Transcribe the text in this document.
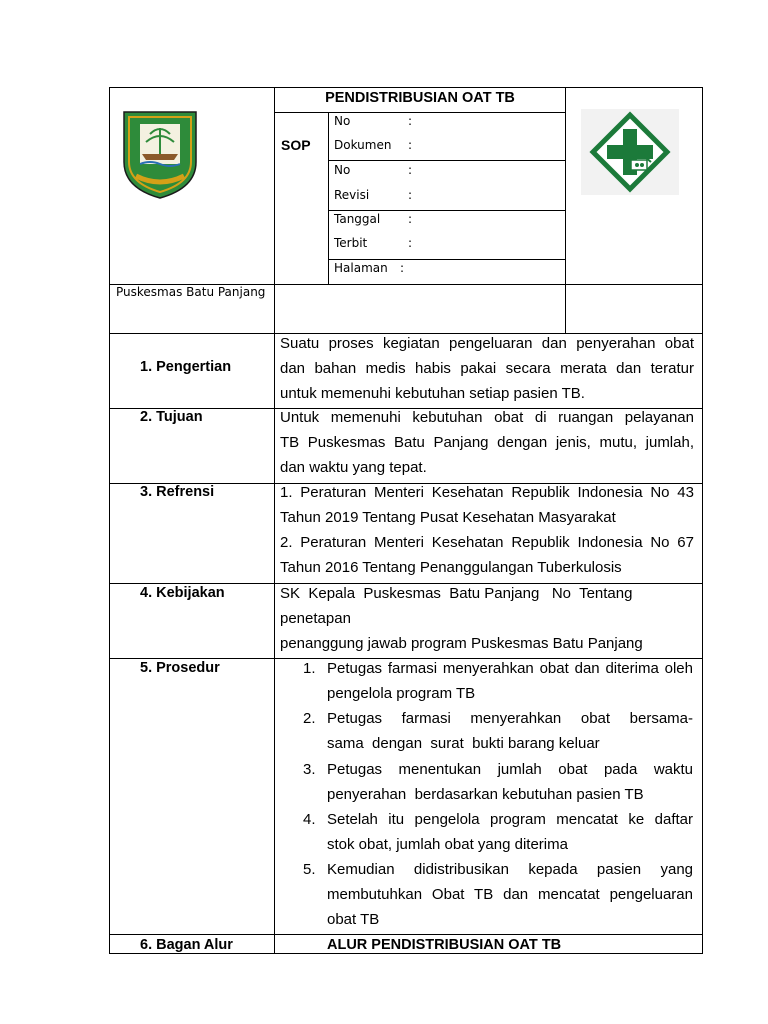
PENDISTRIBUSIAN OAT TB
SOP
No	:
Dokumen :
No	:
Revisi	:
Tanggal :
Terbit	:
Halaman :
Puskesmas Batu Panjang
1. Pengertian
Suatu proses kegiatan pengeluaran dan penyerahan obat
dan bahan medis habis pakai secara merata dan teratur
untuk memenuhi kebutuhan setiap pasien TB.
2. Tujuan	Untuk memenuhi kebutuhan obat di ruangan pelayanan
TB Puskesmas Batu Panjang dengan jenis, mutu, jumlah,
dan waktu yang tepat.
3. Refrensi	1. Peraturan Menteri Kesehatan Republik Indonesia No 43
Tahun 2019 Tentang Pusat Kesehatan Masyarakat
2. Peraturan Menteri Kesehatan Republik Indonesia No 67
Tahun 2016 Tentang Penanggulangan Tuberkulosis
4. Kebijakan	SK  Kepala  Puskesmas  Batu Panjang   No  Tentang
penetapan
penanggung jawab program Puskesmas Batu Panjang
5. Prosedur	1. Petugas farmasi menyerahkan obat dan diterima oleh
pengelola program TB
2. Petugas farmasi menyerahkan obat bersama-
sama  dengan  surat  bukti barang keluar
3. Petugas menentukan jumlah obat pada waktu
penyerahan  berdasarkan kebutuhan pasien TB
4. Setelah itu pengelola program mencatat ke daftar
stok obat, jumlah obat yang diterima
5. Kemudian didistribusikan kepada pasien yang
membutuhkan Obat TB dan mencatat pengeluaran
obat TB
6. Bagan Alur	ALUR PENDISTRIBUSIAN OAT TB
